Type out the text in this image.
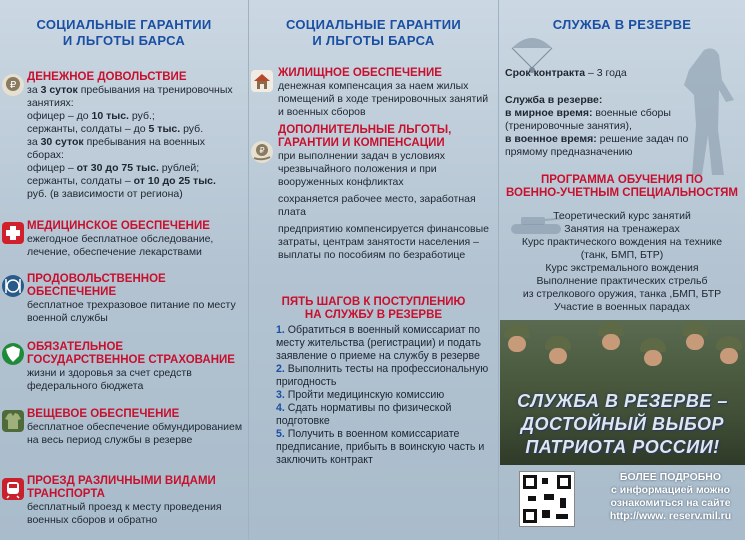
СОЦИАЛЬНЫЕ ГАРАНТИИ
И ЛЬГОТЫ БАРСА
₽
ДЕНЕЖНОЕ ДОВОЛЬСТВИЕ
за 3 суток пребывания на тренировочных занятиях:
офицер – до 10 тыс. руб.;
сержанты, солдаты – до 5 тыс. руб.
за 30 суток пребывания на военных сборах:
офицер – от 30 до 75 тыс. рублей;
сержанты, солдаты – от 10 до 25 тыс.
руб. (в зависимости от региона)
МЕДИЦИНСКОЕ ОБЕСПЕЧЕНИЕ
ежегодное бесплатное обследование, лечение, обеспечение лекарствами
ПРОДОВОЛЬСТВЕННОЕ ОБЕСПЕЧЕНИЕ
бесплатное трехразовое питание по месту военной службы
ОБЯЗАТЕЛЬНОЕ ГОСУДАРСТВЕННОЕ СТРАХОВАНИЕ
жизни и здоровья за счет средств федерального бюджета
ВЕЩЕВОЕ ОБЕСПЕЧЕНИЕ
бесплатное обеспечение обмундированием на весь период службы в резерве
ПРОЕЗД РАЗЛИЧНЫМИ ВИДАМИ ТРАНСПОРТА
бесплатный проезд к месту проведения военных сборов и обратно
СОЦИАЛЬНЫЕ ГАРАНТИИ
И ЛЬГОТЫ БАРСА
ЖИЛИЩНОЕ ОБЕСПЕЧЕНИЕ
денежная компенсация за наем жилых помещений в ходе тренировочных занятий и военных сборов
₽
ДОПОЛНИТЕЛЬНЫЕ ЛЬГОТЫ, ГАРАНТИИ И КОМПЕНСАЦИИ
при выполнении задач в условиях чрезвычайного положения и при вооруженных конфликтах
сохраняется рабочее место, заработная плата
предприятию компенсируется финансовые затраты, центрам занятости населения – выплаты по пособиям по безработице
ПЯТЬ ШАГОВ К ПОСТУПЛЕНИЮ
НА СЛУЖБУ В РЕЗЕРВЕ

1. Обратиться в военный комиссариат по месту жительства (регистрации) и подать заявление о приеме на службу в резерве

2. Выполнить тесты на профессиональную пригодность

3. Пройти медицинскую комиссию

4. Сдать нормативы по физической подготовке

5. Получить в военном комиссариате предписание, прибыть в воинскую часть и заключить контракт

СЛУЖБА В РЕЗЕРВЕ
Срок контракта – 3 года
Служба в резерве:
в мирное время: военные сборы (тренировочные занятия),
в военное время: решение задач по прямому предназначению
ПРОГРАММА ОБУЧЕНИЯ ПО
ВОЕННО-УЧЕТНЫМ СПЕЦИАЛЬНОСТЯМ
Теоретический курс занятий
Занятия на тренажерах
Курс практического вождения на технике
(танк, БМП, БТР)
Курс экстремального вождения
Выполнение практических стрельб
из стрелкового оружия, танка ,БМП, БТР
Участие в военных парадах
СЛУЖБА В РЕЗЕРВЕ –
ДОСТОЙНЫЙ ВЫБОР
ПАТРИОТА РОССИИ!
БОЛЕЕ ПОДРОБНО
с информацией можно
ознакомиться на сайте
http://www. reserv.mil.ru
